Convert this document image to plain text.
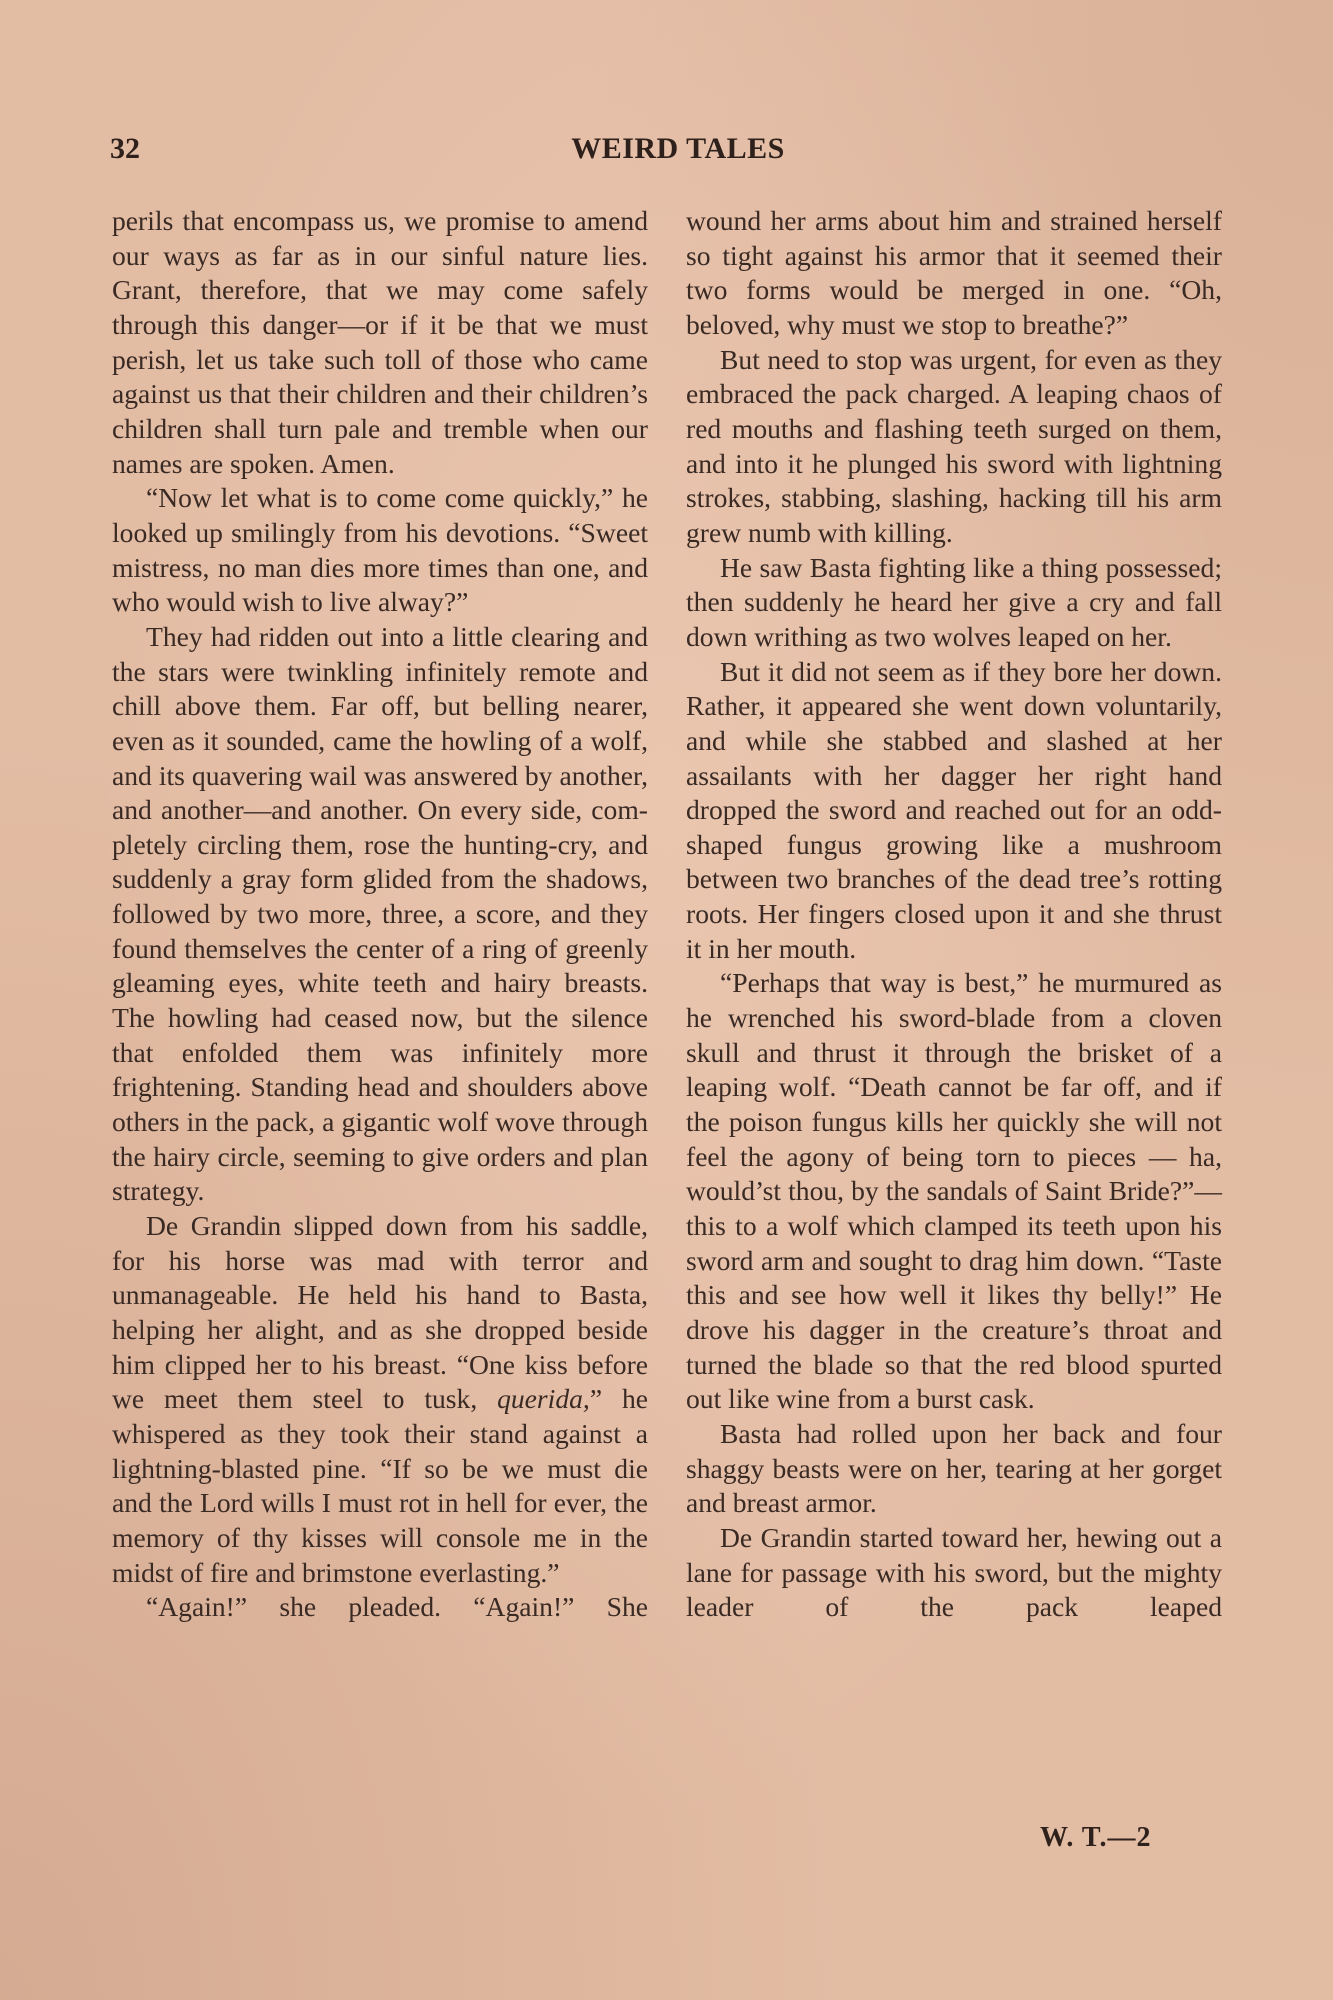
32	WEIRD TALES

perils that encompass us, we promise to amend our ways as far as in our sinful nature lies. Grant, therefore, that we may come safely through this danger—or if it be that we must perish, let us take such toll of those who came against us that their children and their children’s children shall turn pale and tremble when our names are spoken. Amen.

“Now let what is to come come quickly,” he looked up smilingly from his devotions. “Sweet mistress, no man dies more times than one, and who would wish to live alway?”

They had ridden out into a little clearing and the stars were twinkling infinitely remote and chill above them. Far off, but belling nearer, even as it sounded, came the howling of a wolf, and its quavering wail was answered by another, and another—and another. On every side, completely circling them, rose the hunting-cry, and suddenly a gray form glided from the shadows, followed by two more, three, a score, and they found themselves the center of a ring of greenly gleaming eyes, white teeth and hairy breasts. The howling had ceased now, but the silence that enfolded them was infinitely more frightening. Standing head and shoulders above others in the pack, a gigantic wolf wove through the hairy circle, seeming to give orders and plan strategy.

De Grandin slipped down from his saddle, for his horse was mad with terror and unmanageable. He held his hand to Basta, helping her alight, and as she dropped beside him clipped her to his breast. “One kiss before we meet them steel to tusk, querida,” he whispered as they took their stand against a lightning-blasted pine. “If so be we must die and the Lord wills I must rot in hell for ever, the memory of thy kisses will console me in the midst of fire and brimstone everlasting.”

“Again!” she pleaded. “Again!” She

wound her arms about him and strained herself so tight against his armor that it seemed their two forms would be merged in one. “Oh, beloved, why must we stop to breathe?”

But need to stop was urgent, for even as they embraced the pack charged. A leaping chaos of red mouths and flashing teeth surged on them, and into it he plunged his sword with lightning strokes, stabbing, slashing, hacking till his arm grew numb with killing.

He saw Basta fighting like a thing possessed; then suddenly he heard her give a cry and fall down writhing as two wolves leaped on her.

But it did not seem as if they bore her down. Rather, it appeared she went down voluntarily, and while she stabbed and slashed at her assailants with her dagger her right hand dropped the sword and reached out for an odd-shaped fungus growing like a mushroom between two branches of the dead tree’s rotting roots. Her fingers closed upon it and she thrust it in her mouth.

“Perhaps that way is best,” he murmured as he wrenched his sword-blade from a cloven skull and thrust it through the brisket of a leaping wolf. “Death cannot be far off, and if the poison fungus kills her quickly she will not feel the agony of being torn to pieces — ha, would’st thou, by the sandals of Saint Bride?”—this to a wolf which clamped its teeth upon his sword arm and sought to drag him down. “Taste this and see how well it likes thy belly!” He drove his dagger in the creature’s throat and turned the blade so that the red blood spurted out like wine from a burst cask.

Basta had rolled upon her back and four shaggy beasts were on her, tearing at her gorget and breast armor.

De Grandin started toward her, hewing out a lane for passage with his sword, but the mighty leader of the pack leaped

W. T.—2
